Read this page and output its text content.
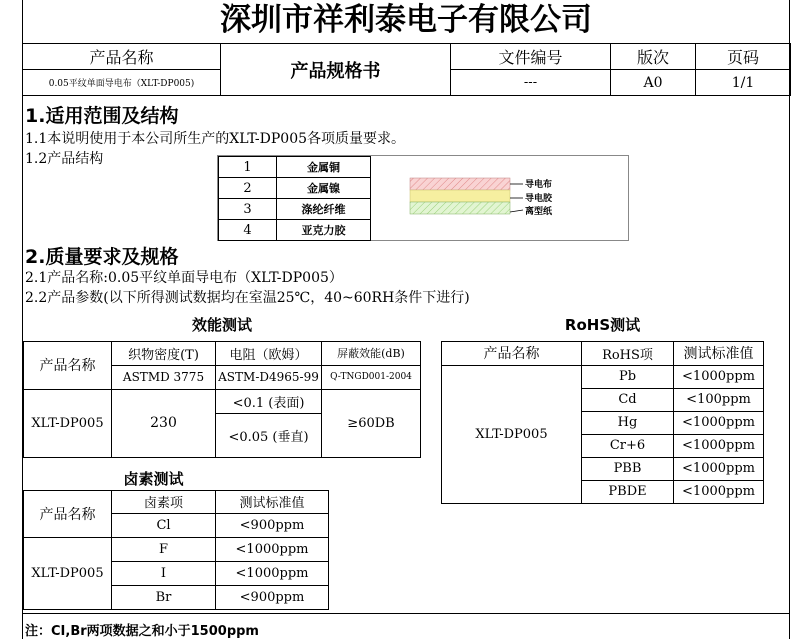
深圳市祥利泰电子有限公司
产品名称	产品规格书	文件编号	版次	页码
0.05平纹单面导电布（XLT-DP005)		---	A0	1/1
1.适用范围及结构
1.1本说明使用于本公司所生产的XLT-DP005各项质量要求。
1.2产品结构	1	金属铜
2	金属镍
3	涤纶纤维
4	亚克力胶
导电布
导电胶
离型纸
2.质量要求及规格
2.1产品名称:0.05平纹单面导电布（XLT-DP005）
2.2产品参数(以下所得测试数据均在室温25℃，40~60RH条件下进行)
效能测试			
产品名称	织物密度(T)	电阻（欧姆）	屏蔽效能(dB)
	ASTMD 3775	ASTM-D4965-99	Q-TNGD001-2004
XLT-DP005	230	<0.1 (表面)	≥60DB
		<0.05 (垂直)	
RoHS测试		
产品名称	RoHS项	测试标准值
XLT-DP005	Pb	<1000ppm
	Cd	<100ppm
	Hg	<1000ppm
	Cr+6	<1000ppm
	PBB	<1000ppm
	PBDE	<1000ppm
	卤素测试	
产品名称	卤素项	测试标准值
	Cl	<900ppm
XLT-DP005	F	<1000ppm
	I	<1000ppm
	Br	<900ppm
注：CI,Br两项数据之和小于1500ppm
